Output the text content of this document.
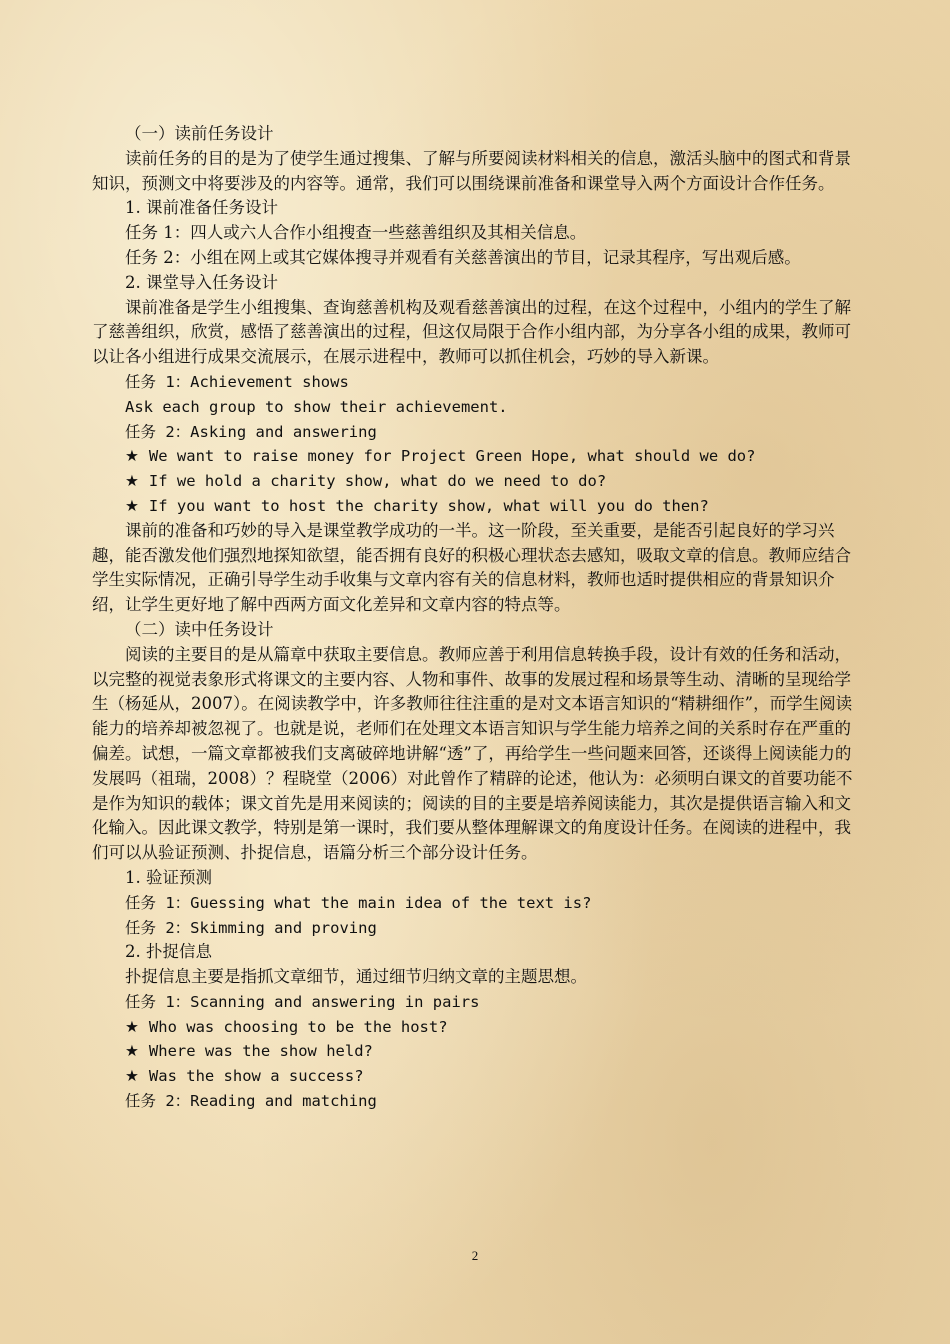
（一）读前任务设计

读前任务的目的是为了使学生通过搜集、了解与所要阅读材料相关的信息，激活头脑中的图式和背景知识，预测文中将要涉及的内容等。通常，我们可以围绕课前准备和课堂导入两个方面设计合作任务。

1. 课前准备任务设计

任务 1：四人或六人合作小组搜查一些慈善组织及其相关信息。

任务 2：小组在网上或其它媒体搜寻并观看有关慈善演出的节目，记录其程序，写出观后感。

2. 课堂导入任务设计

课前准备是学生小组搜集、查询慈善机构及观看慈善演出的过程，在这个过程中，小组内的学生了解了慈善组织，欣赏，感悟了慈善演出的过程，但这仅局限于合作小组内部，为分享各小组的成果，教师可以让各小组进行成果交流展示，在展示进程中，教师可以抓住机会，巧妙的导入新课。

任务 1：Achievement shows

Ask each group to show their achievement.

任务 2：Asking and answering

★ We want to raise money for Project Green Hope, what should we do?

★ If we hold a charity show, what do we need to do?

★ If you want to host the charity show, what will you do then?

课前的准备和巧妙的导入是课堂教学成功的一半。这一阶段，至关重要，是能否引起良好的学习兴趣，能否激发他们强烈地探知欲望，能否拥有良好的积极心理状态去感知，吸取文章的信息。教师应结合学生实际情况，正确引导学生动手收集与文章内容有关的信息材料，教师也适时提供相应的背景知识介绍，让学生更好地了解中西两方面文化差异和文章内容的特点等。

（二）读中任务设计

阅读的主要目的是从篇章中获取主要信息。教师应善于利用信息转换手段，设计有效的任务和活动，以完整的视觉表象形式将课文的主要内容、人物和事件、故事的发展过程和场景等生动、清晰的呈现给学生（杨延从，2007）。在阅读教学中，许多教师往往注重的是对文本语言知识的“精耕细作”，而学生阅读能力的培养却被忽视了。也就是说，老师们在处理文本语言知识与学生能力培养之间的关系时存在严重的偏差。试想，一篇文章都被我们支离破碎地讲解“透”了，再给学生一些问题来回答，还谈得上阅读能力的发展吗（祖瑞，2008）？程晓堂（2006）对此曾作了精辟的论述，他认为：必须明白课文的首要功能不是作为知识的载体；课文首先是用来阅读的；阅读的目的主要是培养阅读能力，其次是提供语言输入和文化输入。因此课文教学，特别是第一课时，我们要从整体理解课文的角度设计任务。在阅读的进程中，我们可以从验证预测、扑捉信息，语篇分析三个部分设计任务。

1. 验证预测

任务 1：Guessing what the main idea of the text is?

任务 2：Skimming and proving

2. 扑捉信息

扑捉信息主要是指抓文章细节，通过细节归纳文章的主题思想。

任务 1：Scanning and answering in pairs

★ Who was choosing to be the host?

★ Where was the show held?

★ Was the show a success?

任务 2：Reading and matching

2
